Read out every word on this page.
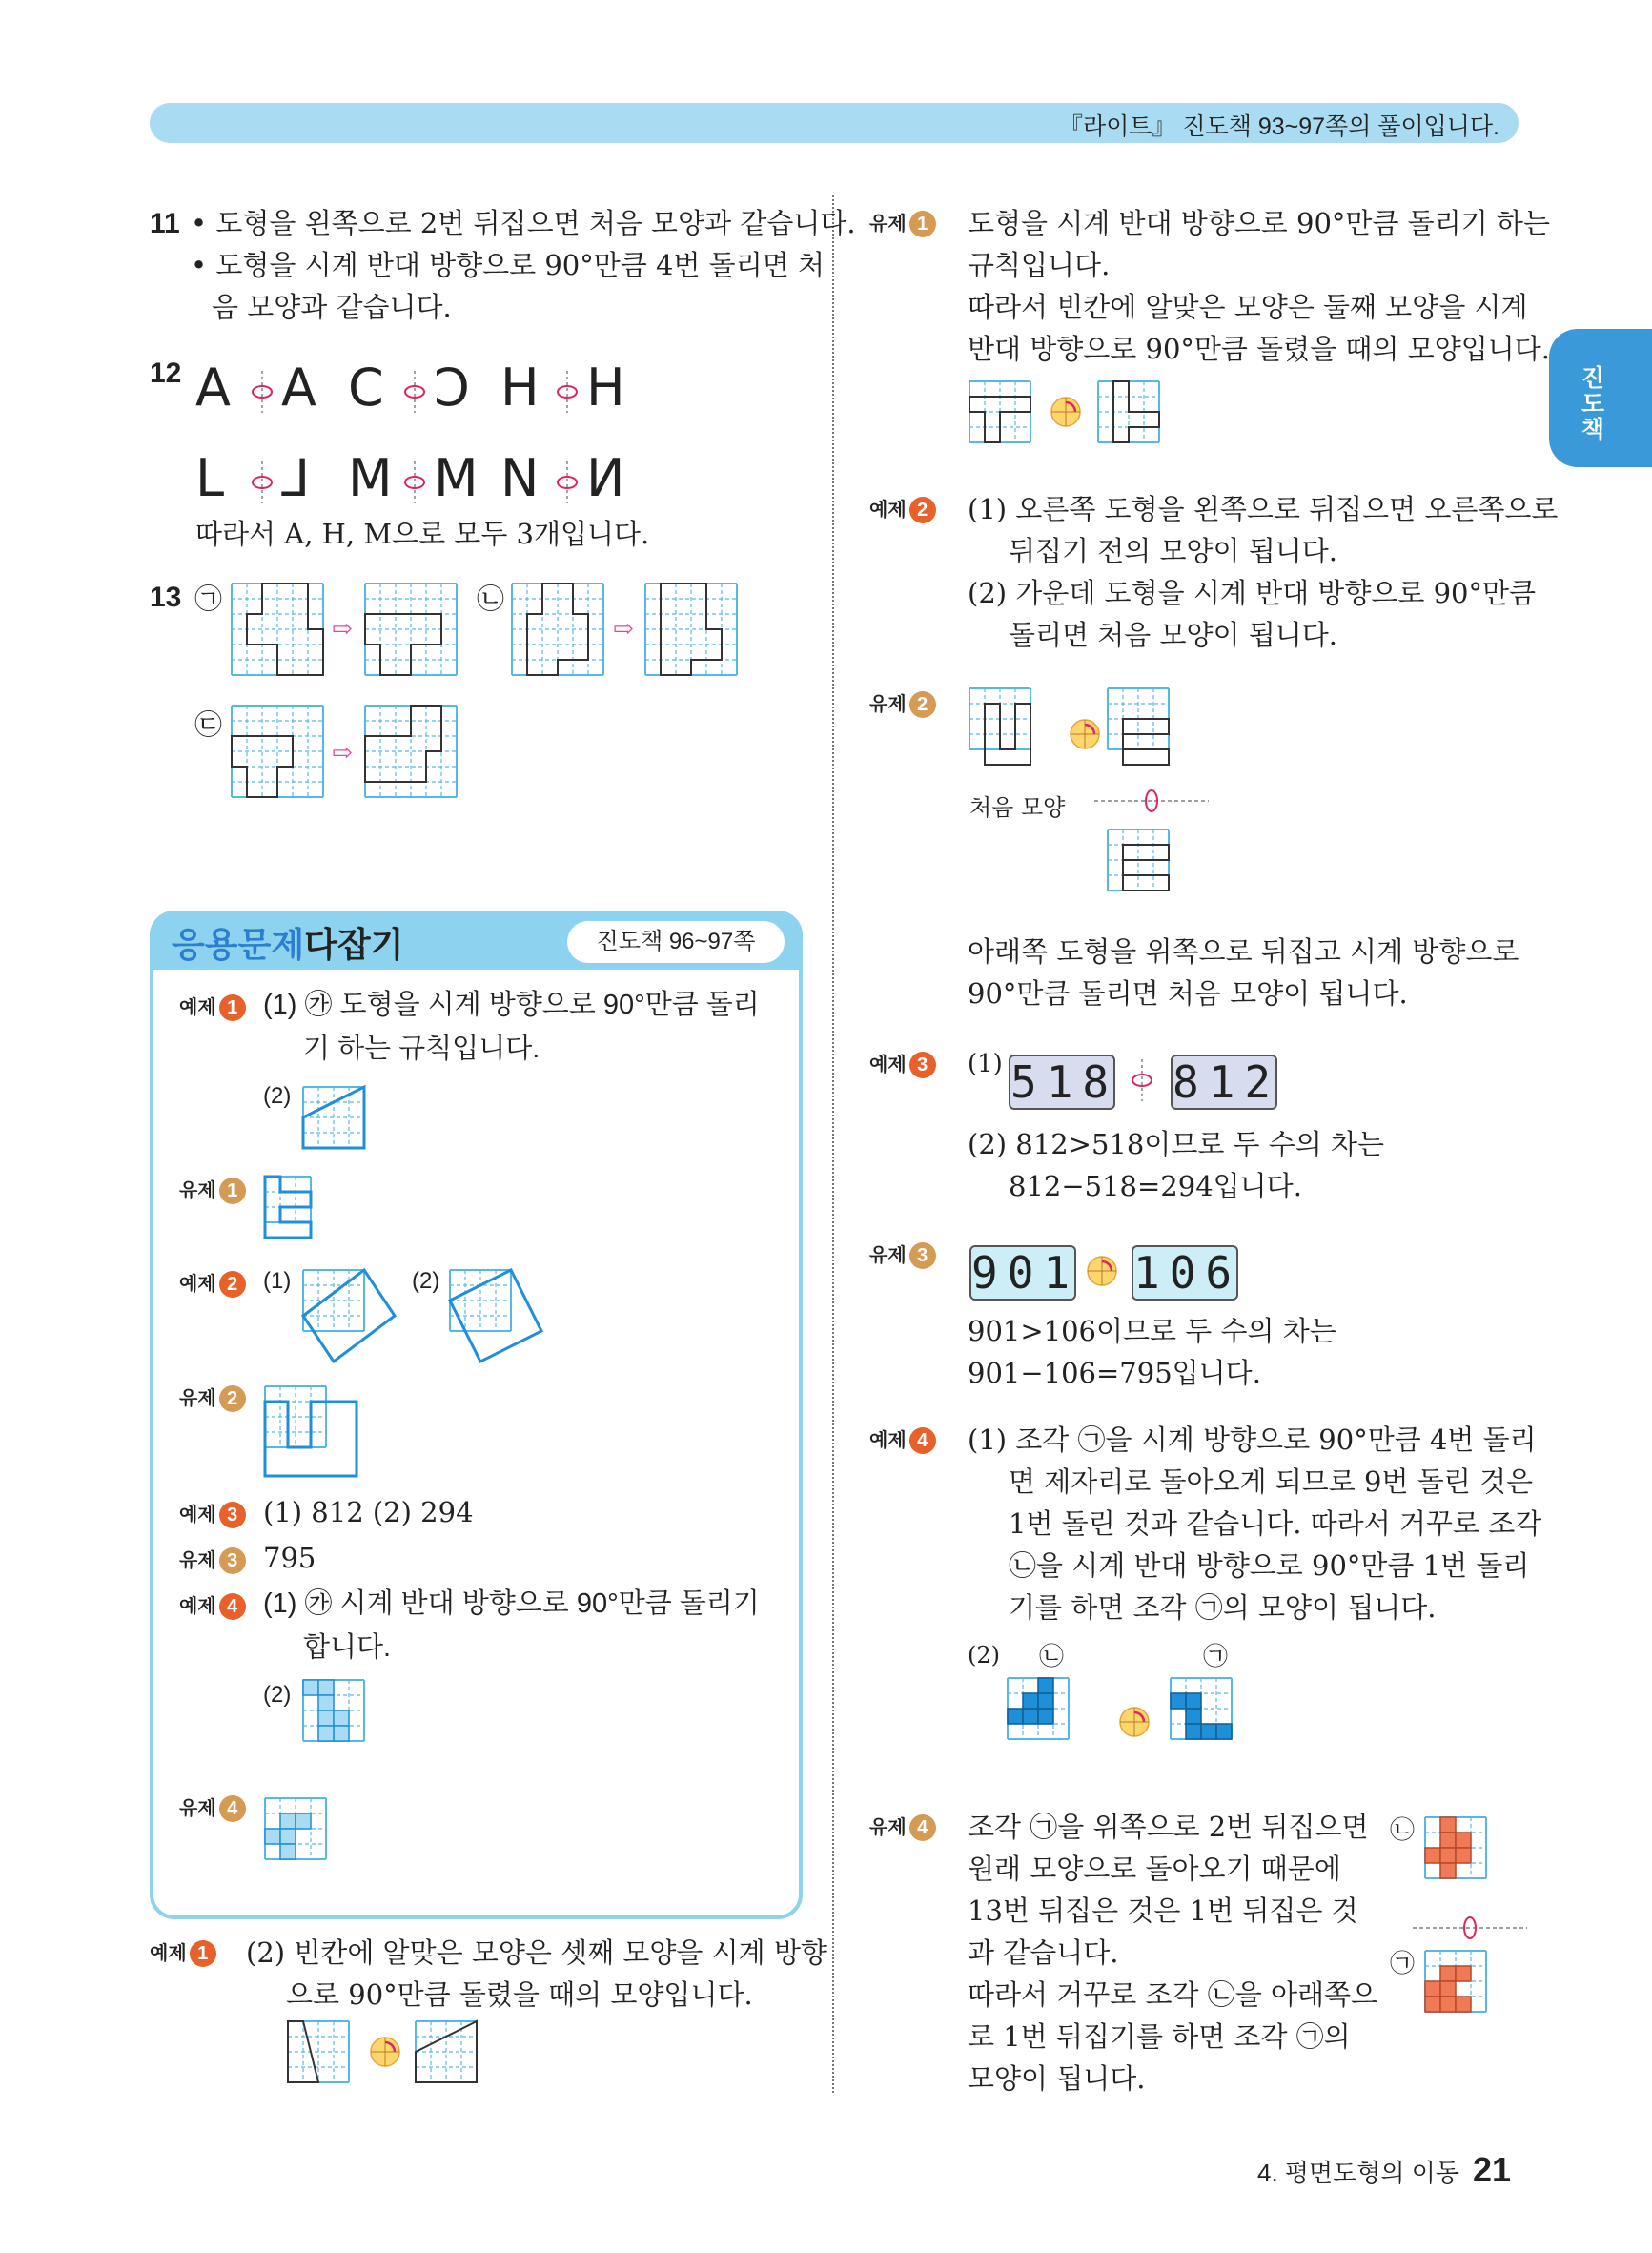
『라이트』 진도책 93~97쪽의 풀이입니다.
진도책
11 • 도형을 왼쪽으로 2번 뒤집으면 처음 모양과 같습니다.
• 도형을 시계 반대 방향으로 90°만큼 4번 돌리면 처
음 모양과 같습니다.
12 A A C Ɔ H H
L ⅃ M M N И
따라서 A, H, M으로 모두 3개입니다.
13 ㉠	㉡
㉢
⇨	⇨
⇨
응용문제다잡기	진도책 96~97쪽
예제 1 (1) ㉮ 도형을 시계 방향으로 90°만큼 돌리
기 하는 규칙입니다.
(2)
유제 1
예제 2	(1)	(2)
유제 2
예제 3 (1) 812 (2) 294
유제 3 795
예제 4 (1) ㉮ 시계 반대 방향으로 90°만큼 돌리기
합니다.
(2)
유제 4
예제 1 (2) 빈칸에 알맞은 모양은 셋째 모양을 시계 방향
으로 90°만큼 돌렸을 때의 모양입니다.
유제 1 도형을 시계 반대 방향으로 90°만큼 돌리기 하는
규칙입니다.
따라서 빈칸에 알맞은 모양은 둘째 모양을 시계
반대 방향으로 90°만큼 돌렸을 때의 모양입니다.
예제 2 (1) 오른쪽 도형을 왼쪽으로 뒤집으면 오른쪽으로
뒤집기 전의 모양이 됩니다.
(2) 가운데 도형을 시계 반대 방향으로 90°만큼
돌리면 처음 모양이 됩니다.
유제 2
처음 모양
아래쪽 도형을 위쪽으로 뒤집고 시계 방향으로
90°만큼 돌리면 처음 모양이 됩니다.
예제 3	(1) 518 812
(2) 812>518이므로 두 수의 차는
812−518=294입니다.
유제 3 901 106
901>106이므로 두 수의 차는
901−106=795입니다.
예제 4 (1) 조각 ㉠을 시계 방향으로 90°만큼 4번 돌리
면 제자리로 돌아오게 되므로 9번 돌린 것은
1번 돌린 것과 같습니다. 따라서 거꾸로 조각
㉡을 시계 반대 방향으로 90°만큼 1번 돌리
기를 하면 조각 ㉠의 모양이 됩니다.
(2) ㉡	㉠
유제 4 조각 ㉠을 위쪽으로 2번 뒤집으면
원래 모양으로 돌아오기 때문에
13번 뒤집은 것은 1번 뒤집은 것
과 같습니다.
따라서 거꾸로 조각 ㉡을 아래쪽으
로 1번 뒤집기를 하면 조각 ㉠의
모양이 됩니다.
㉡
㉠
4. 평면도형의 이동 21
